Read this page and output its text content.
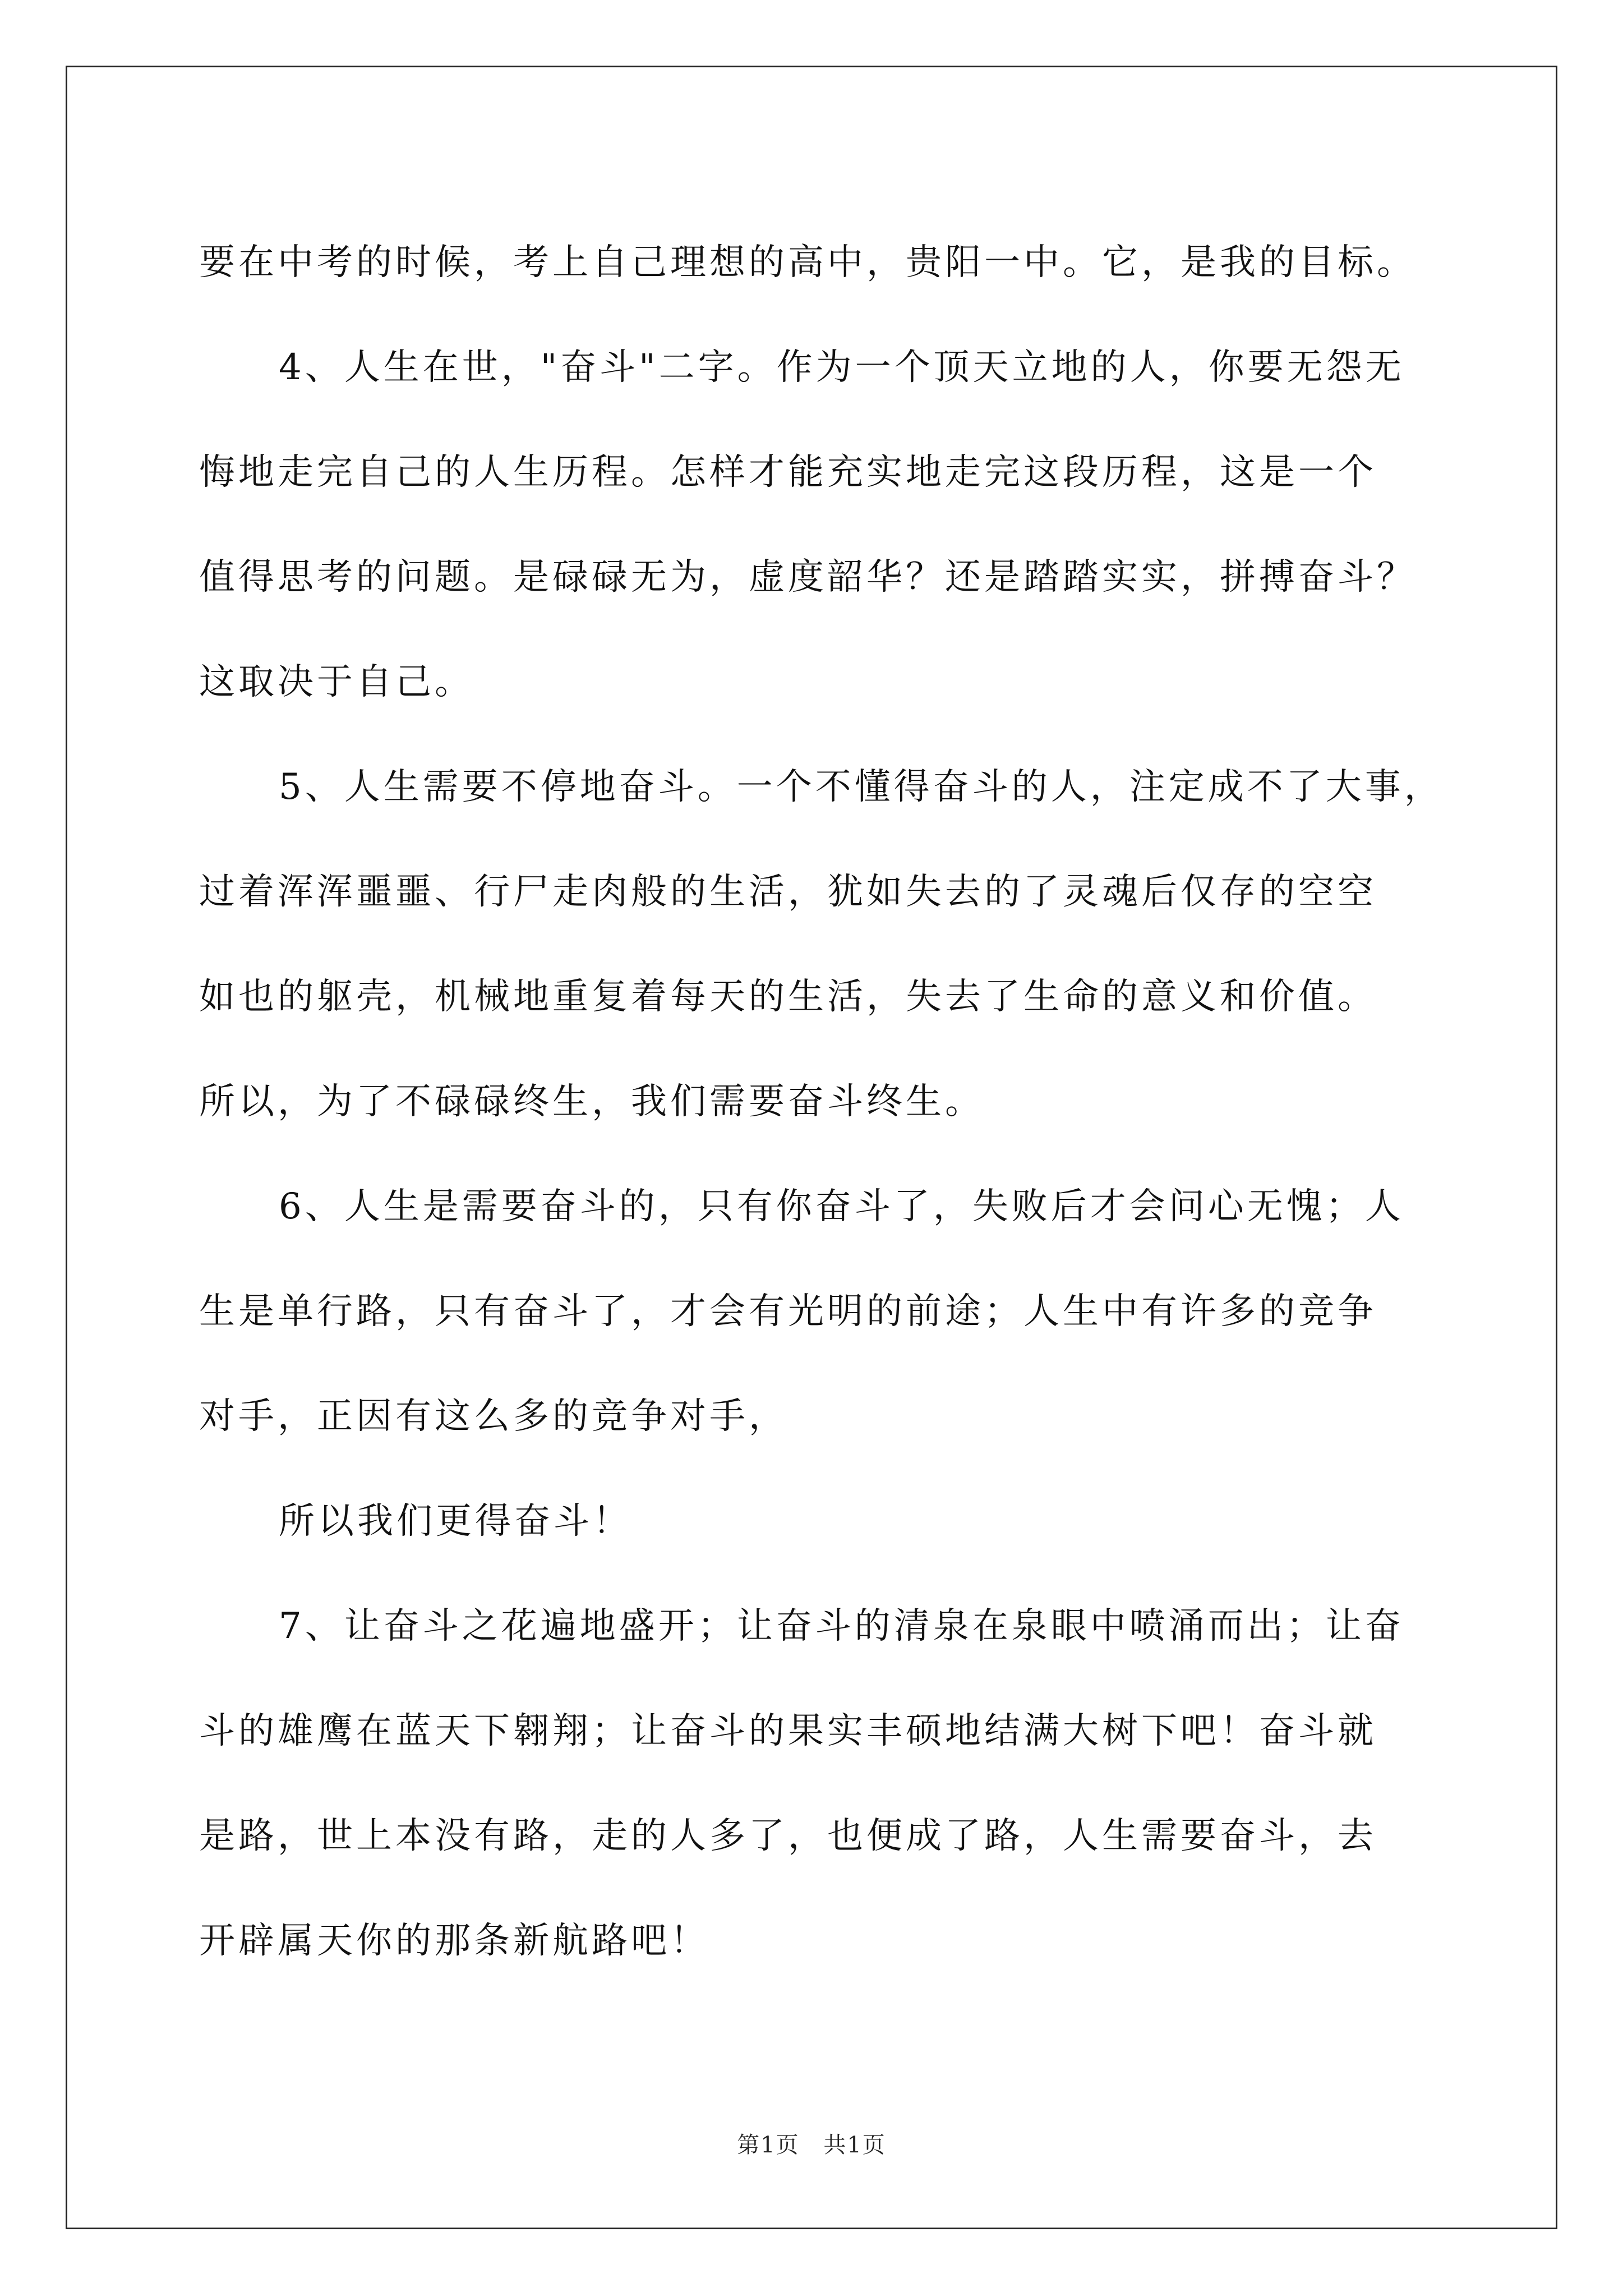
要在中考的时候，考上自己理想的高中，贵阳一中。它，是我的目标。
4、人生在世，"奋斗"二字。作为一个顶天立地的人，你要无怨无
悔地走完自己的人生历程。怎样才能充实地走完这段历程，这是一个
值得思考的问题。是碌碌无为，虚度韶华？还是踏踏实实，拼搏奋斗？
这取决于自己。
5、人生需要不停地奋斗。一个不懂得奋斗的人，注定成不了大事，
过着浑浑噩噩、行尸走肉般的生活，犹如失去的了灵魂后仅存的空空
如也的躯壳，机械地重复着每天的生活，失去了生命的意义和价值。
所以，为了不碌碌终生，我们需要奋斗终生。
6、人生是需要奋斗的，只有你奋斗了，失败后才会问心无愧；人
生是单行路，只有奋斗了，才会有光明的前途；人生中有许多的竞争
对手，正因有这么多的竞争对手，
所以我们更得奋斗！
7、让奋斗之花遍地盛开；让奋斗的清泉在泉眼中喷涌而出；让奋
斗的雄鹰在蓝天下翱翔；让奋斗的果实丰硕地结满大树下吧！奋斗就
是路，世上本没有路，走的人多了，也便成了路，人生需要奋斗，去
开辟属天你的那条新航路吧！
第1页 共1页
